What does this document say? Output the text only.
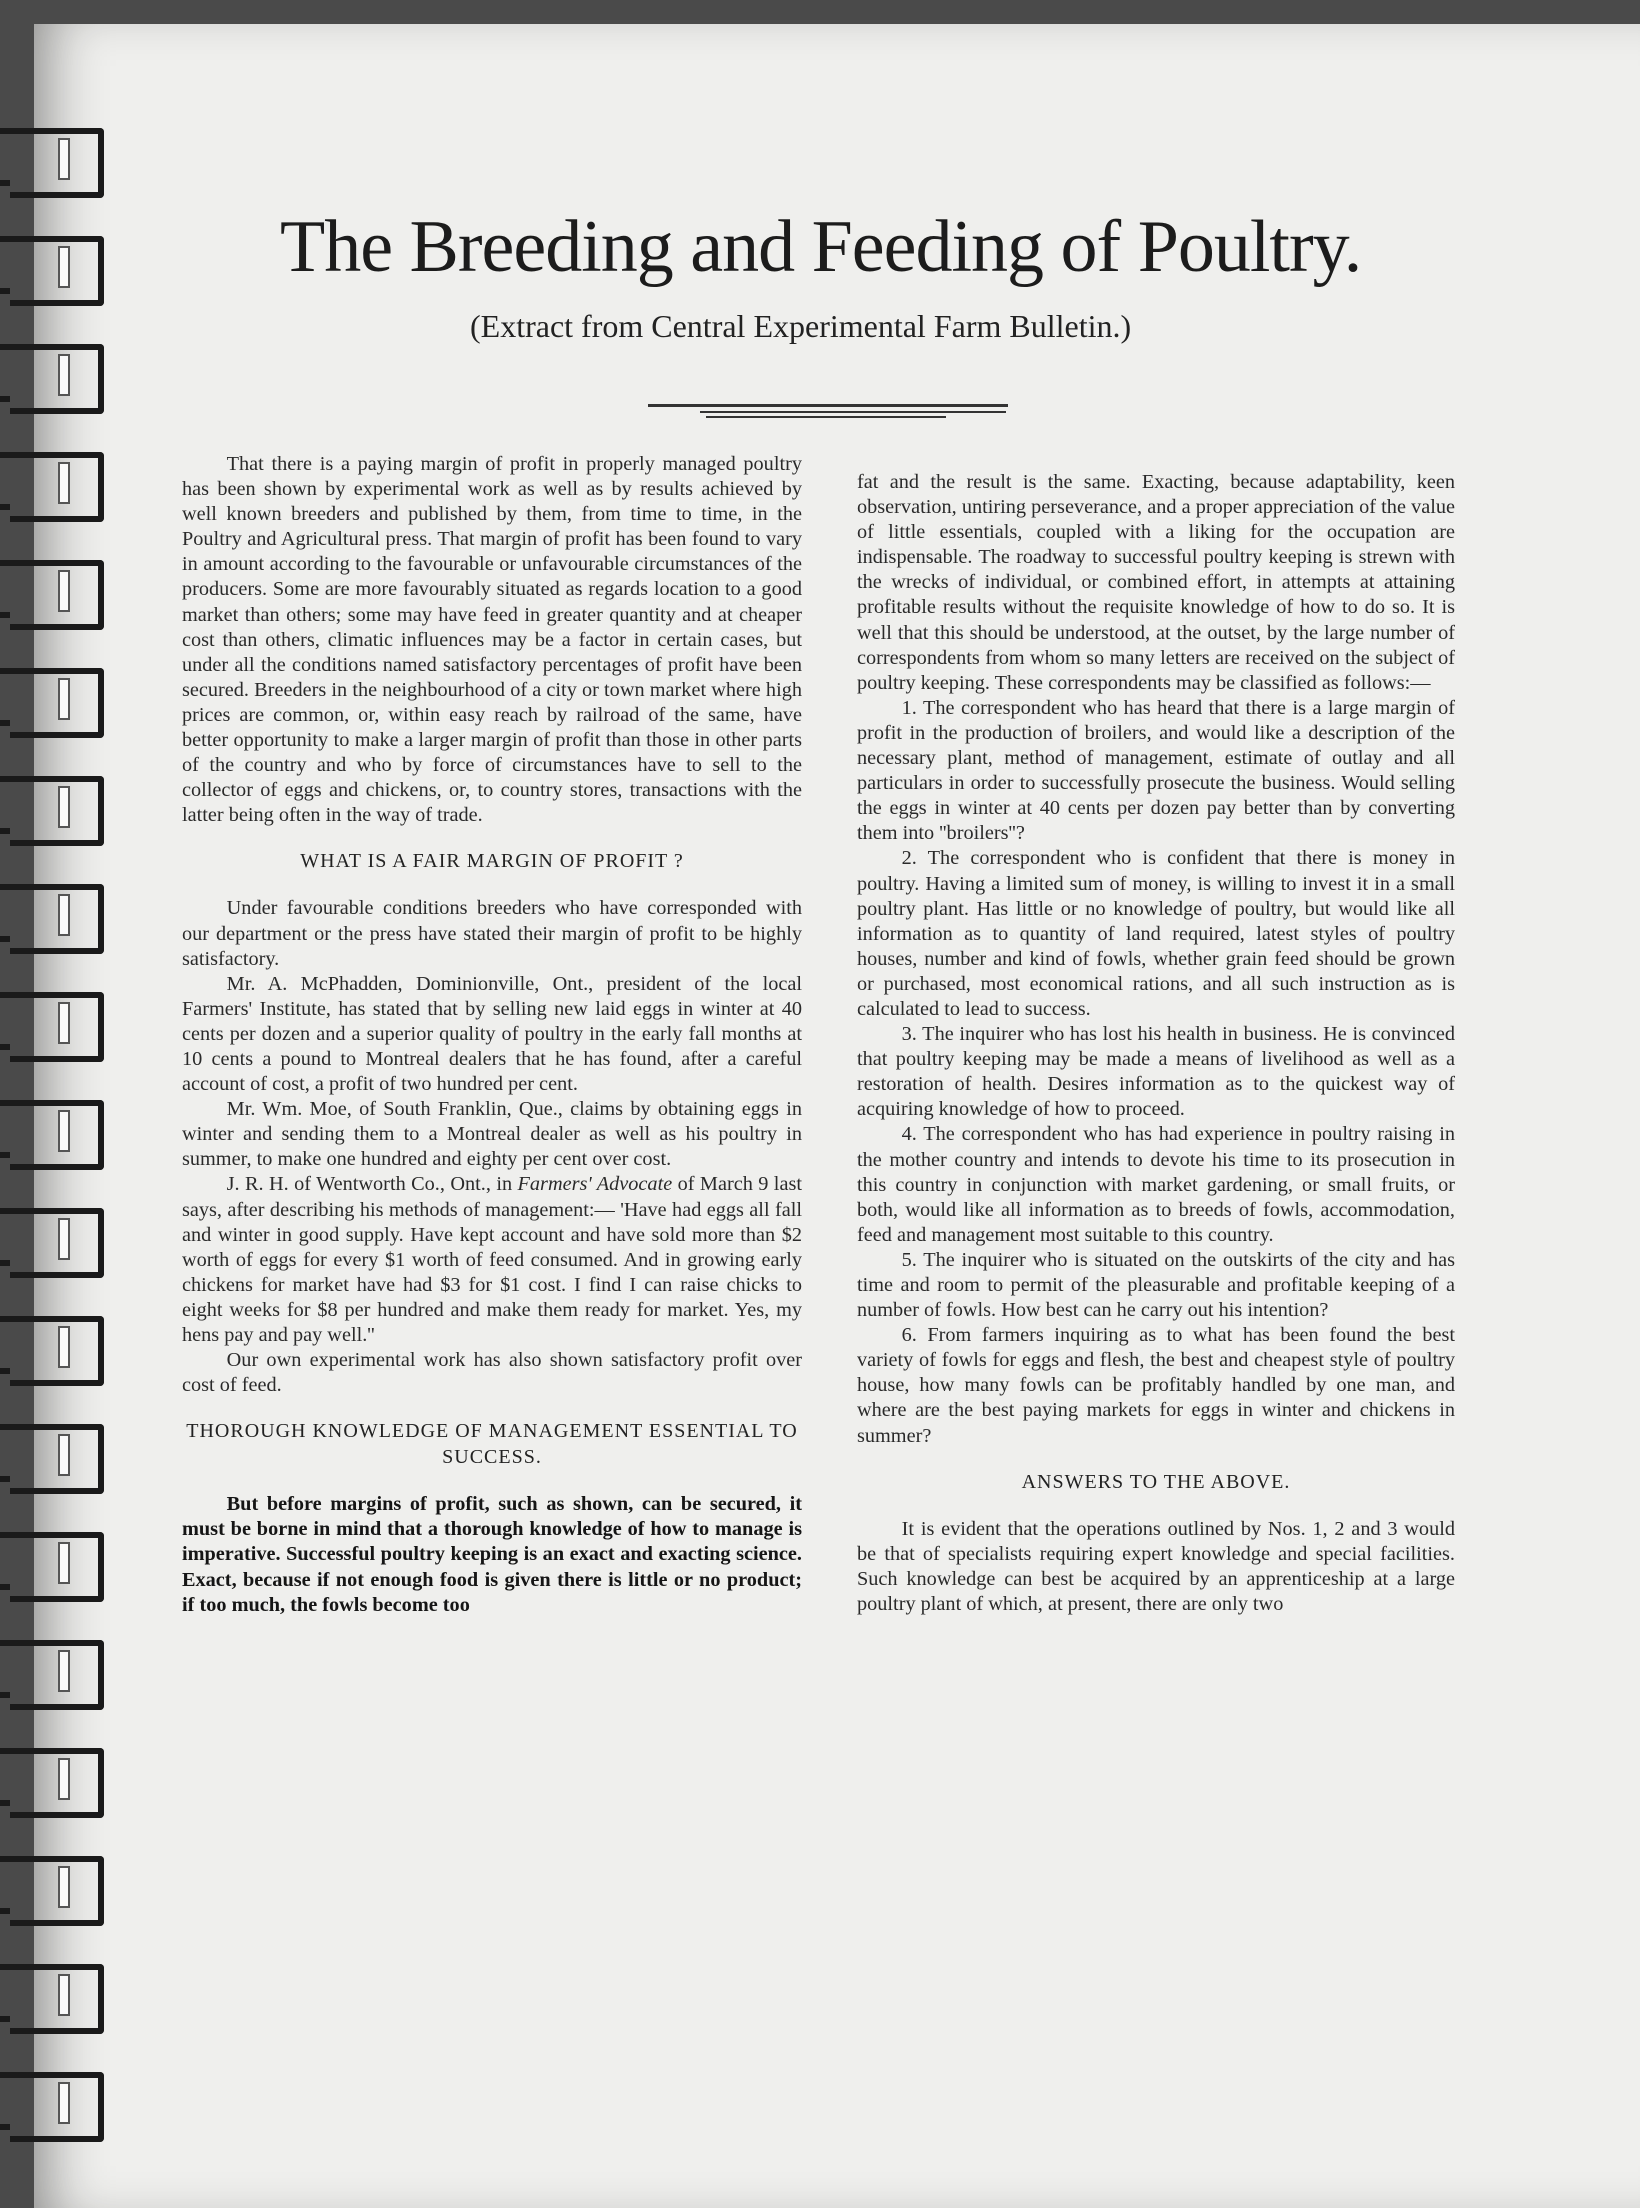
The Breeding and Feeding of Poultry.
(Extract from Central Experimental Farm Bulletin.)

That there is a paying margin of profit in properly managed poultry has been shown by experimental work as well as by results achieved by well known breeders and published by them, from time to time, in the Poultry and Agricultural press. That margin of profit has been found to vary in amount according to the favourable or unfavourable circumstances of the producers. Some are more favourably situated as regards location to a good market than others; some may have feed in greater quantity and at cheaper cost than others, climatic influences may be a factor in certain cases, but under all the conditions named satisfactory percentages of profit have been secured. Breeders in the neighbourhood of a city or town market where high prices are common, or, within easy reach by railroad of the same, have better opportunity to make a larger margin of profit than those in other parts of the country and who by force of circumstances have to sell to the collector of eggs and chickens, or, to country stores, transactions with the latter being often in the way of trade.

WHAT IS A FAIR MARGIN OF PROFIT ?

Under favourable conditions breeders who have corresponded with our department or the press have stated their margin of profit to be highly satisfactory.

Mr. A. McPhadden, Dominionville, Ont., president of the local Farmers' Institute, has stated that by selling new laid eggs in winter at 40 cents per dozen and a superior quality of poultry in the early fall months at 10 cents a pound to Montreal dealers that he has found, after a careful account of cost, a profit of two hundred per cent.

Mr. Wm. Moe, of South Franklin, Que., claims by obtaining eggs in winter and sending them to a Montreal dealer as well as his poultry in summer, to make one hundred and eighty per cent over cost.

J. R. H. of Wentworth Co., Ont., in Farmers' Advocate of March 9 last says, after describing his methods of management:— 'Have had eggs all fall and winter in good supply. Have kept account and have sold more than $2 worth of eggs for every $1 worth of feed consumed. And in growing early chickens for market have had $3 for $1 cost. I find I can raise chicks to eight weeks for $8 per hundred and make them ready for market. Yes, my hens pay and pay well.''

Our own experimental work has also shown satisfactory profit over cost of feed.

THOROUGH KNOWLEDGE OF MANAGEMENT ESSENTIAL TO SUCCESS.

But before margins of profit, such as shown, can be secured, it must be borne in mind that a thorough knowledge of how to manage is imperative. Successful poultry keeping is an exact and exacting science. Exact, because if not enough food is given there is little or no product; if too much, the fowls become too

fat and the result is the same. Exacting, because adaptability, keen observation, untiring perseverance, and a proper appreciation of the value of little essentials, coupled with a liking for the occupation are indispensable. The roadway to successful poultry keeping is strewn with the wrecks of individual, or combined effort, in attempts at attaining profitable results without the requisite knowledge of how to do so. It is well that this should be understood, at the outset, by the large number of correspondents from whom so many letters are received on the subject of poultry keeping. These correspondents may be classified as follows:—

1. The correspondent who has heard that there is a large margin of profit in the production of broilers, and would like a description of the necessary plant, method of management, estimate of outlay and all particulars in order to successfully prosecute the business. Would selling the eggs in winter at 40 cents per dozen pay better than by converting them into ''broilers''?

2. The correspondent who is confident that there is money in poultry. Having a limited sum of money, is willing to invest it in a small poultry plant. Has little or no knowledge of poultry, but would like all information as to quantity of land required, latest styles of poultry houses, number and kind of fowls, whether grain feed should be grown or purchased, most economical rations, and all such instruction as is calculated to lead to success.

3. The inquirer who has lost his health in business. He is convinced that poultry keeping may be made a means of livelihood as well as a restoration of health. Desires information as to the quickest way of acquiring knowledge of how to proceed.

4. The correspondent who has had experience in poultry raising in the mother country and intends to devote his time to its prosecution in this country in conjunction with market gardening, or small fruits, or both, would like all information as to breeds of fowls, accommodation, feed and management most suitable to this country.

5. The inquirer who is situated on the outskirts of the city and has time and room to permit of the pleasurable and profitable keeping of a number of fowls. How best can he carry out his intention?

6. From farmers inquiring as to what has been found the best variety of fowls for eggs and flesh, the best and cheapest style of poultry house, how many fowls can be profitably handled by one man, and where are the best paying markets for eggs in winter and chickens in summer?

ANSWERS TO THE ABOVE.

It is evident that the operations outlined by Nos. 1, 2 and 3 would be that of specialists requiring expert knowledge and special facilities. Such knowledge can best be acquired by an apprenticeship at a large poultry plant of which, at present, there are only two
